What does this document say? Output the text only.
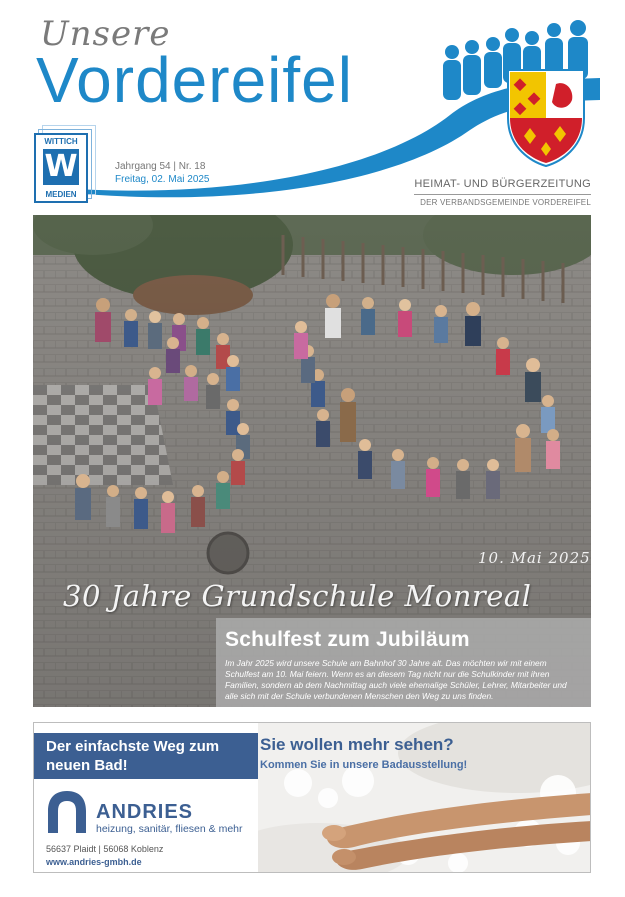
Unsere
Vordereifel
WITTICH
W
MEDIEN
Jahrgang 54 | Nr. 18
Freitag, 02. Mai 2025	HEIMAT- UND BÜRGERZEITUNG
DER VERBANDSGEMEINDE VORDEREIFEL
10. Mai 2025
30 Jahre Grundschule Monreal
Schulfest zum Jubiläum
Im Jahr 2025 wird unsere Schule am Bahnhof 30 Jahre alt. Das möchten wir mit einem Schulfest am 10. Mai feiern. Wenn es an diesem Tag nicht nur die Schulkinder mit ihren Familien, sondern ab dem Nachmittag auch viele ehemalige Schüler, Lehrer, Mitarbeiter und alle sich mit der Schule verbundenen Menschen den Weg zu uns finden.
Sie wollen mehr sehen?
Kommen Sie in unsere Badausstellung!
Der einfachste Weg zum neuen Bad!
ANDRIES
heizung, sanitär, fliesen & mehr
56637 Plaidt | 56068 Koblenz
www.andries-gmbh.de
